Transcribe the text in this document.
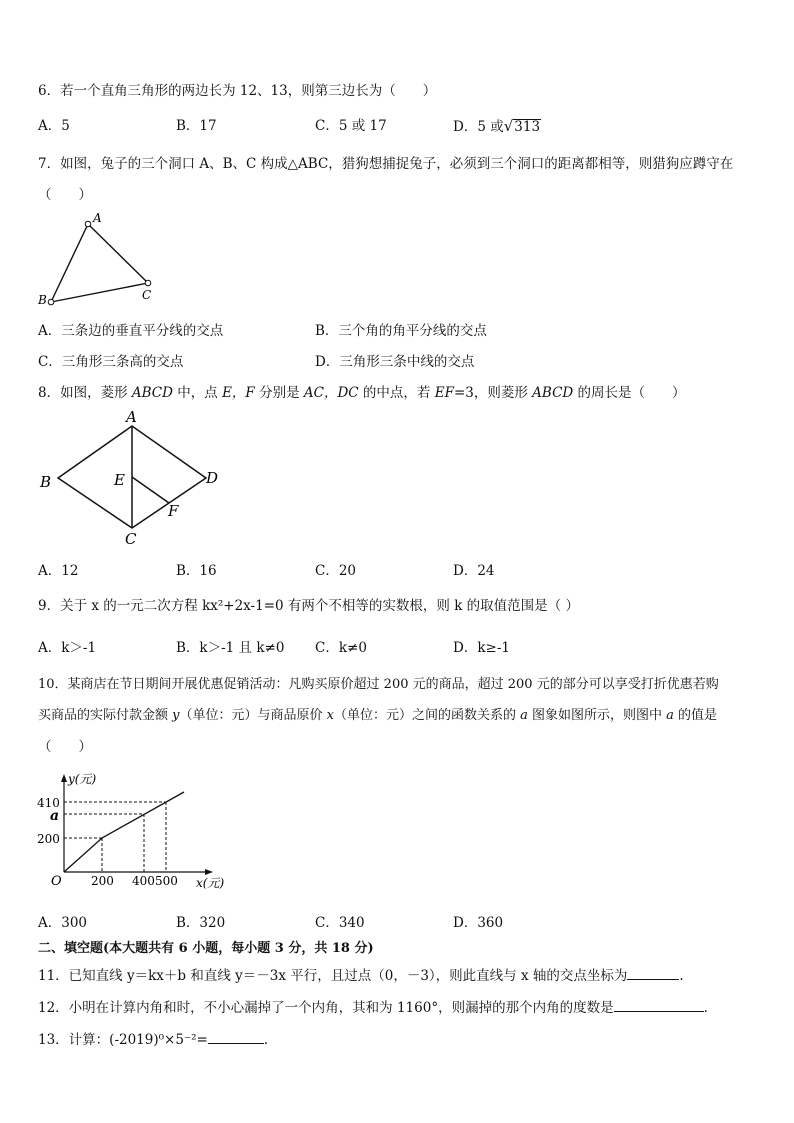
6．若一个直角三角形的两边长为 12、13，则第三边长为（　　）
A．5	B．17	C．5 或 17	D．5 或√313
7．如图，兔子的三个洞口 A、B、C 构成△ABC，猎狗想捕捉兔子，必须到三个洞口的距离都相等，则猎狗应蹲守在
（　　）
A
B	C
A．三条边的垂直平分线的交点	B．三个角的角平分线的交点
C．三角形三条高的交点	D．三角形三条中线的交点
8．如图，菱形 ABCD 中，点 E，F 分别是 AC，DC 的中点，若 EF=3，则菱形 ABCD 的周长是（　　）
A
B
C
D
E
F
A．12	B．16	C．20	D．24
9．关于 x 的一元二次方程 kx²+2x-1=0 有两个不相等的实数根，则 k 的取值范围是（ ）
A．k＞-1	B．k＞-1 且 k≠0 C．k≠0	D．k≥-1
10．某商店在节日期间开展优惠促销活动：凡购买原价超过 200 元的商品，超过 200 元的部分可以享受打折优惠若购
买商品的实际付款金额 y（单位：元）与商品原价 x（单位：元）之间的函数关系的 a 图象如图所示，则图中 a 的值是
（　　）
y(元)
x(元)
O
410
a
200
200 400 500
A．300	B．320	C．340	D．360
二、填空题(本大题共有 6 小题，每小题 3 分，共 18 分)
11．已知直线 y＝kx＋b 和直线 y＝－3x 平行，且过点（0，－3），则此直线与 x 轴的交点坐标为	.
12．小明在计算内角和时，不小心漏掉了一个内角，其和为 1160°，则漏掉的那个内角的度数是	.
13．计算：(-2019)⁰×5⁻²=	.
